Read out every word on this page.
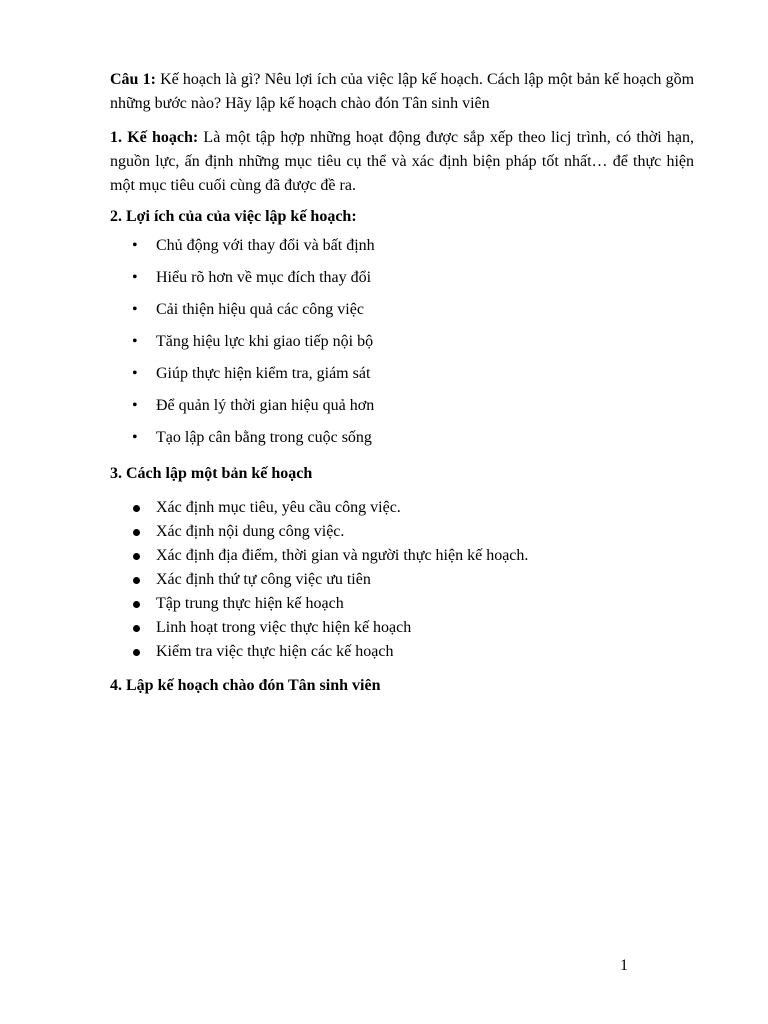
Câu 1: Kế hoạch là gì? Nêu lợi ích của việc lập kế hoạch. Cách lập một bản kế hoạch gồm những bước nào? Hãy lập kế hoạch chào đón Tân sinh viên

1. Kế hoạch: Là một tập hợp những hoạt động được sắp xếp theo licj trình, có thời hạn, nguồn lực, ấn định những mục tiêu cụ thể và xác định biện pháp tốt nhất… để thực hiện một mục tiêu cuối cùng đã được đề ra.

2. Lợi ích của của việc lập kế hoạch:

• Chủ động với thay đổi và bất định
• Hiểu rõ hơn về mục đích thay đổi
• Cải thiện hiệu quả các công việc
• Tăng hiệu lực khi giao tiếp nội bộ
• Giúp thực hiện kiểm tra, giám sát
• Để quản lý thời gian hiệu quả hơn
• Tạo lập cân bằng trong cuộc sống

3. Cách lập một bản kế hoạch

Xác định mục tiêu, yêu cầu công việc.
Xác định nội dung công việc.
Xác định địa điểm, thời gian và người thực hiện kế hoạch.
Xác định thứ tự công việc ưu tiên
Tập trung thực hiện kế hoạch
Linh hoạt trong việc thực hiện kế hoạch
Kiểm tra việc thực hiện các kế hoạch

4. Lập kế hoạch chào đón Tân sinh viên

1
